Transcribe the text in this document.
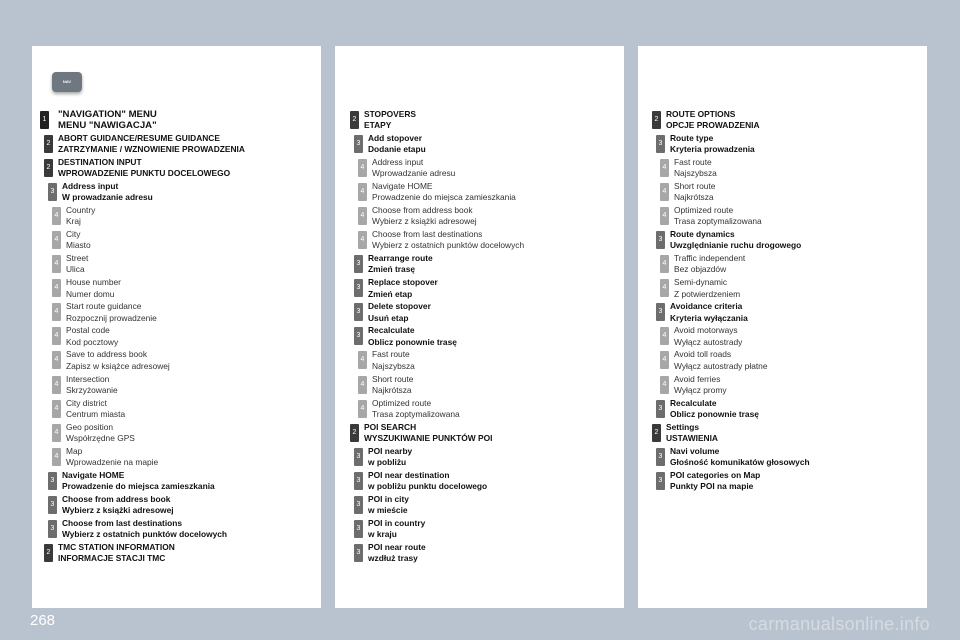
NAV
1 "NAVIGATION" MENU
MENU "NAWIGACJA"
2
ABORT GUIDANCE/RESUME GUIDANCE
ZATRZYMANIE / WZNOWIENIE PROWADZENIA
2
DESTINATION INPUT
WPROWADZENIE PUNKTU DOCELOWEGO
3
Address input
W prowadzanie adresu
4
Country
Kraj
4
City
Miasto
4
Street
Ulica
4
House number
Numer domu
4
Start route guidance
Rozpocznij prowadzenie
4
Postal code
Kod pocztowy
4
Save to address book
Zapisz w książce adresowej
4
Intersection
Skrzyżowanie
4
City district
Centrum miasta
4
Geo position
Współrzędne GPS
4
Map
Wprowadzenie na mapie
3
Navigate HOME
Prowadzenie do miejsca zamieszkania
3
Choose from address book
Wybierz z książki adresowej
3
Choose from last destinations
Wybierz z ostatnich punktów docelowych
2
TMC STATION INFORMATION
INFORMACJE STACJI TMC
2
STOPOVERS
ETAPY
3
Add stopover
Dodanie etapu
4
Address input
Wprowadzanie adresu
4
Navigate HOME
Prowadzenie do miejsca zamieszkania
4
Choose from address book
Wybierz z książki adresowej
4
Choose from last destinations
Wybierz z ostatnich punktów docelowych
3
Rearrange route
Zmień trasę
3
Replace stopover
Zmień etap
3
Delete stopover
Usuń etap
3
Recalculate
Oblicz ponownie trasę
4
Fast route
Najszybsza
4
Short route
Najkrótsza
4
Optimized route
Trasa zoptymalizowana
2
POI SEARCH
WYSZUKIWANIE PUNKTÓW POI
3
POI nearby
w pobliżu
3
POI near destination
w pobliżu punktu docelowego
3
POI in city
w mieście
3
POI in country
w kraju
3
POI near route
wzdłuż trasy
2
ROUTE OPTIONS
OPCJE PROWADZENIA
3
Route type
Kryteria prowadzenia
4
Fast route
Najszybsza
4
Short route
Najkrótsza
4
Optimized route
Trasa zoptymalizowana
3
Route dynamics
Uwzględnianie ruchu drogowego
4
Traffic independent
Bez objazdów
4
Semi-dynamic
Z potwierdzeniem
3
Avoidance criteria
Kryteria wyłączania
4
Avoid motorways
Wyłącz autostrady
4
Avoid toll roads
Wyłącz autostrady płatne
4
Avoid ferries
Wyłącz promy
3
Recalculate
Oblicz ponownie trasę
2
Settings
USTAWIENIA
3
Navi volume
Głośność komunikatów głosowych
3
POI categories on Map
Punkty POI na mapie
268	carmanualsonline.info
